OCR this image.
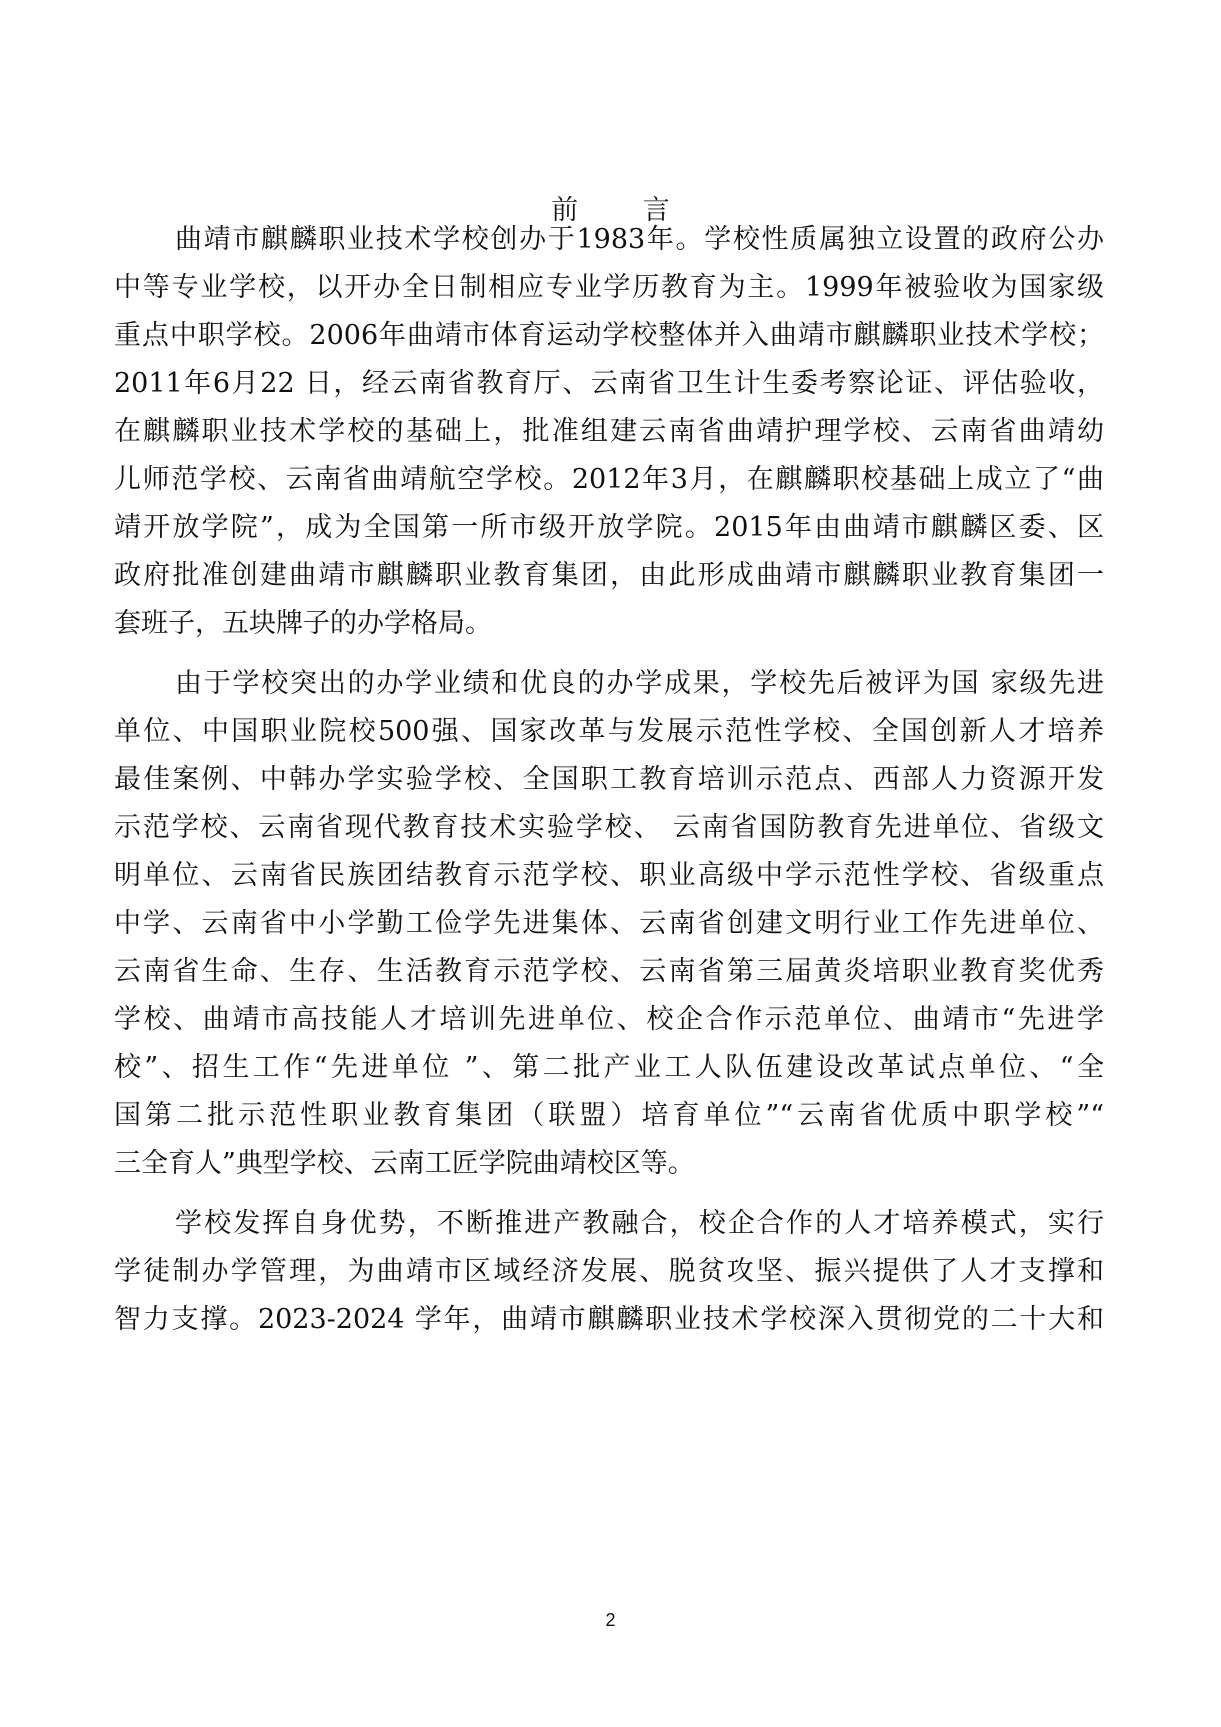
前 言
曲靖市麒麟职业技术学校创办于1983年。学校性质属独立设置的政府公办
中等专业学校，以开办全日制相应专业学历教育为主。1999年被验收为国家级
重点中职学校。2006年曲靖市体育运动学校整体并入曲靖市麒麟职业技术学校；
2011年6月22 日，经云南省教育厅、云南省卫生计生委考察论证、评估验收，
在麒麟职业技术学校的基础上，批准组建云南省曲靖护理学校、云南省曲靖幼
儿师范学校、云南省曲靖航空学校。2012年3月，在麒麟职校基础上成立了“曲
靖开放学院”，成为全国第一所市级开放学院。2015年由曲靖市麒麟区委、区
政府批准创建曲靖市麒麟职业教育集团，由此形成曲靖市麒麟职业教育集团一
套班子，五块牌子的办学格局。
由于学校突出的办学业绩和优良的办学成果，学校先后被评为国 家级先进
单位、中国职业院校500强、国家改革与发展示范性学校、全国创新人才培养
最佳案例、中韩办学实验学校、全国职工教育培训示范点、西部人力资源开发
示范学校、云南省现代教育技术实验学校、 云南省国防教育先进单位、省级文
明单位、云南省民族团结教育示范学校、职业高级中学示范性学校、省级重点
中学、云南省中小学勤工俭学先进集体、云南省创建文明行业工作先进单位、
云南省生命、生存、生活教育示范学校、云南省第三届黄炎培职业教育奖优秀
学校、曲靖市高技能人才培训先进单位、校企合作示范单位、曲靖市“先进学
校”、招生工作“先进单位 ”、第二批产业工人队伍建设改革试点单位、“全
国第二批示范性职业教育集团（联盟）培育单位”“云南省优质中职学校”“
三全育人”典型学校、云南工匠学院曲靖校区等。
学校发挥自身优势，不断推进产教融合，校企合作的人才培养模式，实行
学徒制办学管理，为曲靖市区域经济发展、脱贫攻坚、振兴提供了人才支撑和
智力支撑。2023-2024 学年，曲靖市麒麟职业技术学校深入贯彻党的二十大和
2
